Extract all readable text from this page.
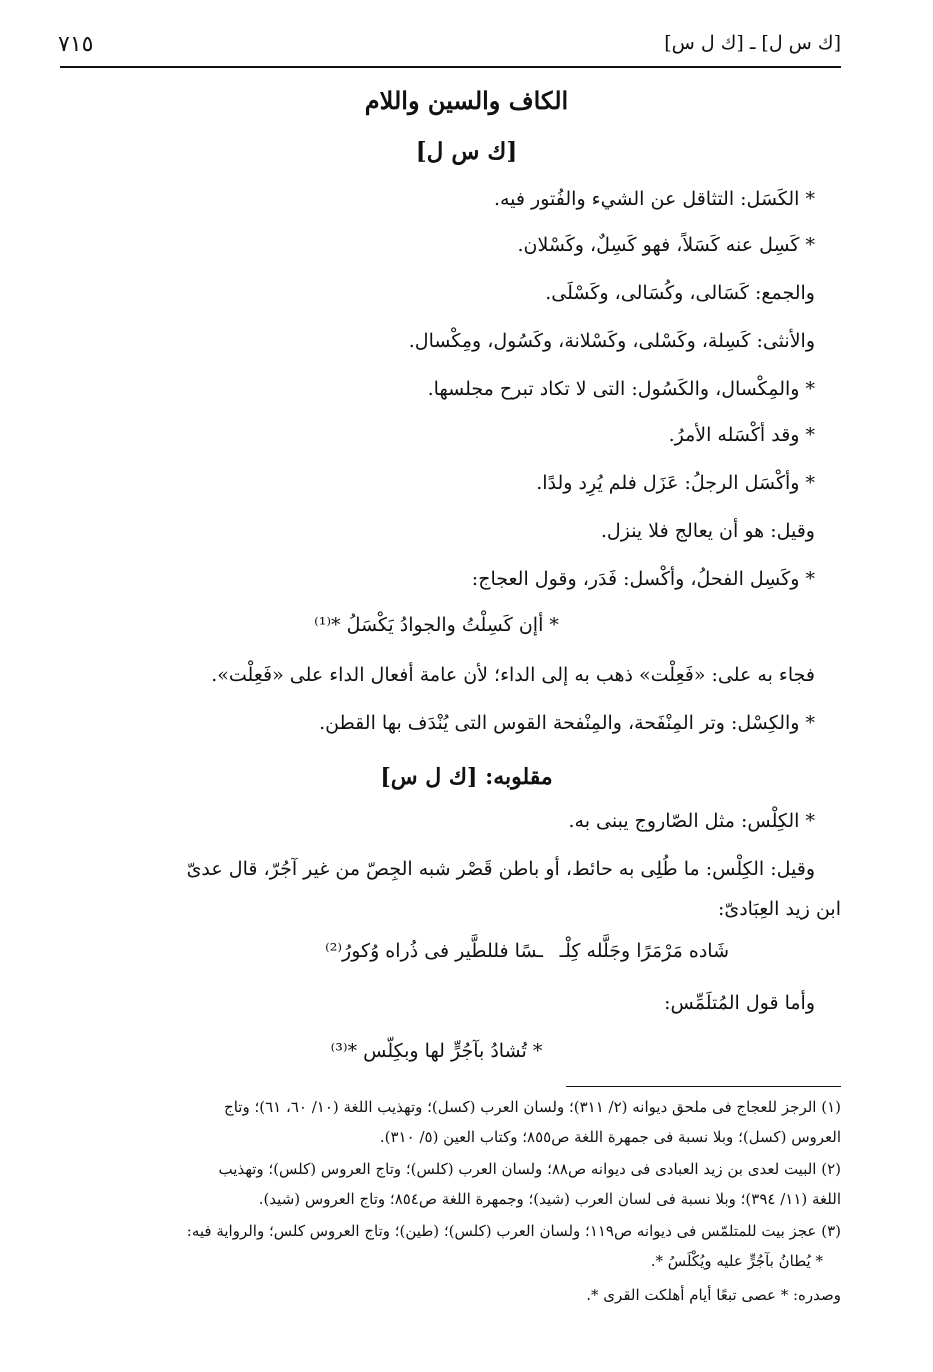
٧١٥	[ك س ل] ـ [ك ل س]
الكاف والسين واللام
[ك س ل]
* الكَسَل: التثاقل عن الشيء والفُتور فيه.
* كَسِل عنه كَسَلاً، فهو كَسِلٌ، وكَسْلان.
والجمع: كَسَالى، وكُسَالى، وكَسْلَى.
والأنثى: كَسِلة، وكَسْلى، وكَسْلانة، وكَسُول، ومِكْسال.
* والمِكْسال، والكَسُول: التى لا تكاد تبرح مجلسها.
* وقد أكْسَله الأمرُ.
* وأكْسَل الرجلُ: عَزَل فلم يُرِد ولدًا.
وقيل: هو أن يعالج فلا ينزل.
* وكَسِل الفحلُ، وأكْسل: فَدَر، وقول العجاج:
* أإن كَسِلْتُ والجوادُ يَكْسَلُ *⁽¹⁾
فجاء به على: «فَعِلْت» ذهب به إلى الداء؛ لأن عامة أفعال الداء على «فَعِلْت».
* والكِسْل: وتر المِنْفَحة، والمِنْفحة القوس التى يُنْدَف بها القطن.
مقلوبه: [ك ل س]
* الكِلْس: مثل الصّاروج يبنى به.
وقيل: الكِلْس: ما طُلِى به حائط، أو باطن قَصْر شبه الجِصّ من غير آجُرّ، قال عدىّ
ابن زيد العِبَادىّ:
شَاده مَرْمَرًا وجَلَّله كِلْـ
ـسًا فللطَّير فى ذُراه وُكورُ⁽²⁾
وأما قول المُتلَمِّس:
* تُشادُ بآجُرٍّ لها وبكِلّس *⁽³⁾
(١) الرجز للعجاج فى ملحق ديوانه (٢/ ٣١١)؛ ولسان العرب (كسل)؛ وتهذيب اللغة (١٠/ ٦٠، ٦١)؛ وتاج
العروس (كسل)؛ وبلا نسبة فى جمهرة اللغة ص٨٥٥؛ وكتاب العين (٥/ ٣١٠).
(٢) البيت لعدى بن زيد العبادى فى ديوانه ص٨٨؛ ولسان العرب (كلس)؛ وتاج العروس (كلس)؛ وتهذيب
اللغة (١١/ ٣٩٤)؛ وبلا نسبة فى لسان العرب (شيد)؛ وجمهرة اللغة ص٨٥٤؛ وتاج العروس (شيد).
(٣) عجز بيت للمتلمّس فى ديوانه ص١١٩؛ ولسان العرب (كلس)؛ (طين)؛ وتاج العروس كلس؛ والرواية فيه:
* يُطانُ بآجُرٍّ عليه ويُكْلَسُ *.
وصدره: * عصى تبعًا أيام أهلكت القرى *.
